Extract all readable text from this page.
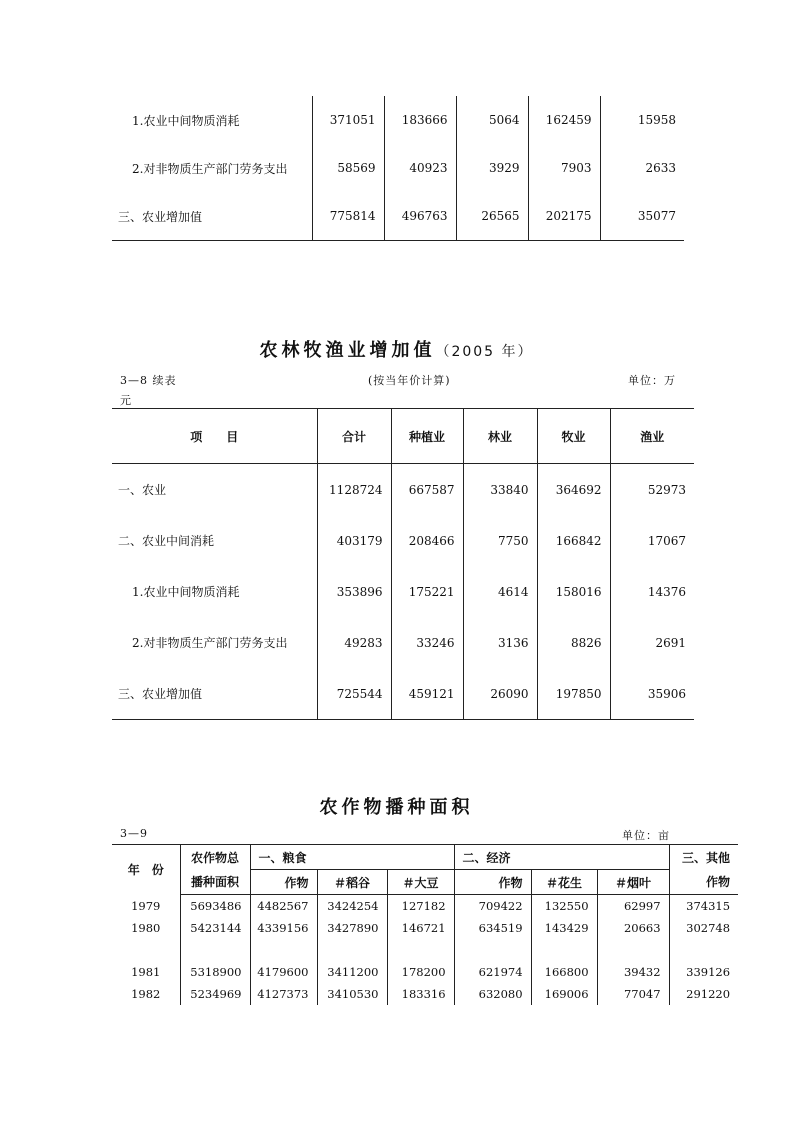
1.农业中间物质消耗	371051	183666	5064	162459	15958
2.对非物质生产部门劳务支出	58569	40923	3929	7903	2633
三、农业增加值	775814	496763	26565	202175	35077
农林牧渔业增加值（2005 年）
3—8 续表	(按当年价计算)	单位：万
元
项　　目	合计	种植业	林业	牧业	渔业
一、农业	1128724	667587	33840	364692	52973
二、农业中间消耗	403179	208466	7750	166842	17067
1.农业中间物质消耗	353896	175221	4614	158016	14376
2.对非物质生产部门劳务支出	49283	33246	3136	8826	2691
三、农业增加值	725544	459121	26090	197850	35906
农作物播种面积
3—9	单位：亩
年　份	农作物总	一、粮食			二、经济			三、其他
	播种面积	作物	＃稻谷	＃大豆	作物	＃花生	＃烟叶	作物
1979	5693486	4482567	3424254	127182	709422	132550	62997	374315
1980	5423144	4339156	3427890	146721	634519	143429	20663	302748

1981	5318900	4179600	3411200	178200	621974	166800	39432	339126
1982	5234969	4127373	3410530	183316	632080	169006	77047	291220
